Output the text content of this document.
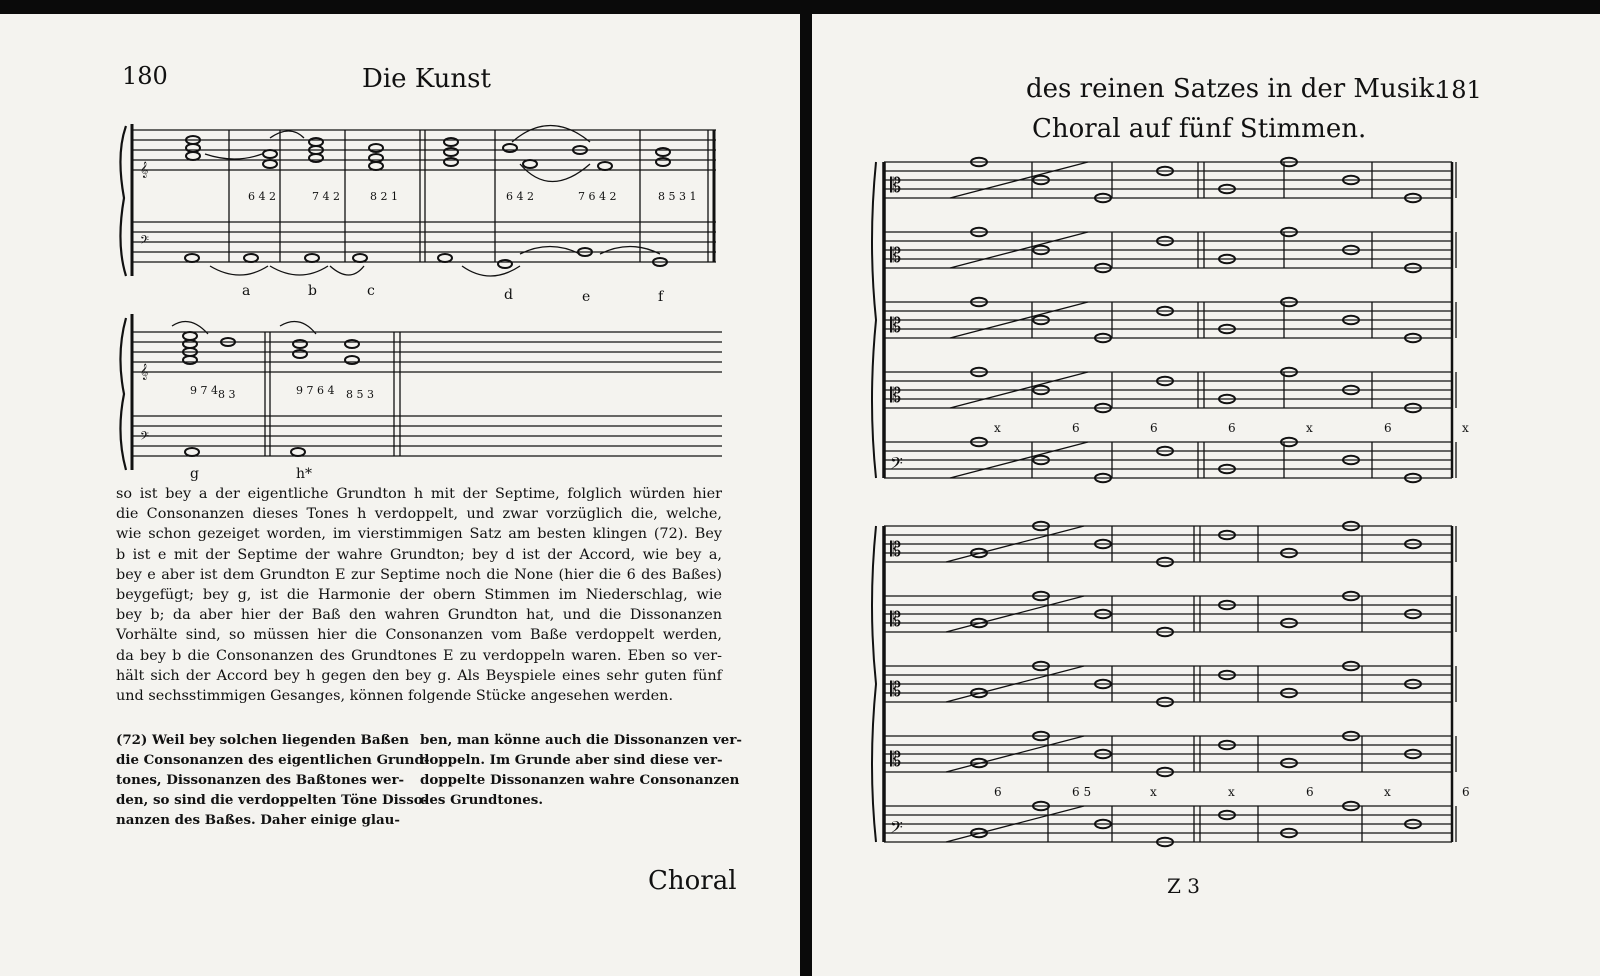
180	Die Kunst
𝄞
𝄢
6 4 2	7 4 2	8 2 1	6 4 2	7 6 4 2	8 5 3 1
a	b	c	d	e	f
𝄞
𝄢
9 7 4 8 3	9 7 6 4 8 5 3
g	h*
so ist bey a der eigentliche Grundton h mit der Septime, folglich würden hier
die Consonanzen dieses Tones h verdoppelt, und zwar vorzüglich die, welche,
wie schon gezeiget worden, im vierstimmigen Satz am besten klingen (72). Bey
b ist e mit der Septime der wahre Grundton; bey d ist der Accord, wie bey a,
bey e aber ist dem Grundton E zur Septime noch die None (hier die 6 des Baßes)
beygefügt; bey g, ist die Harmonie der obern Stimmen im Niederschlag, wie
bey b; da aber hier der Baß den wahren Grundton hat, und die Dissonanzen
Vorhälte sind, so müssen hier die Consonanzen vom Baße verdoppelt werden,
da bey b die Consonanzen des Grundtones E zu verdoppeln waren. Eben so ver-
hält sich der Accord bey h gegen den bey g. Als Beyspiele eines sehr guten fünf
und sechsstimmigen Gesanges, können folgende Stücke angesehen werden.
(72) Weil bey solchen liegenden Baßen
die Consonanzen des eigentlichen Grund-
tones, Dissonanzen des Baßtones wer-
den, so sind die verdoppelten Töne Disso-
nanzen des Baßes. Daher einige glau-
ben, man könne auch die Dissonanzen ver-
doppeln. Im Grunde aber sind diese ver-
doppelte Dissonanzen wahre Consonanzen
des Grundtones.
Choral
des reinen Satzes in der Musik.
181
Choral auf fünf Stimmen.
𝄡
𝄡
𝄡
𝄡
𝄢
x	6	6	6	x	6	x
𝄡
𝄡
𝄡
𝄡
𝄢
6	6 5	x	x	6	x	6
Z 3
